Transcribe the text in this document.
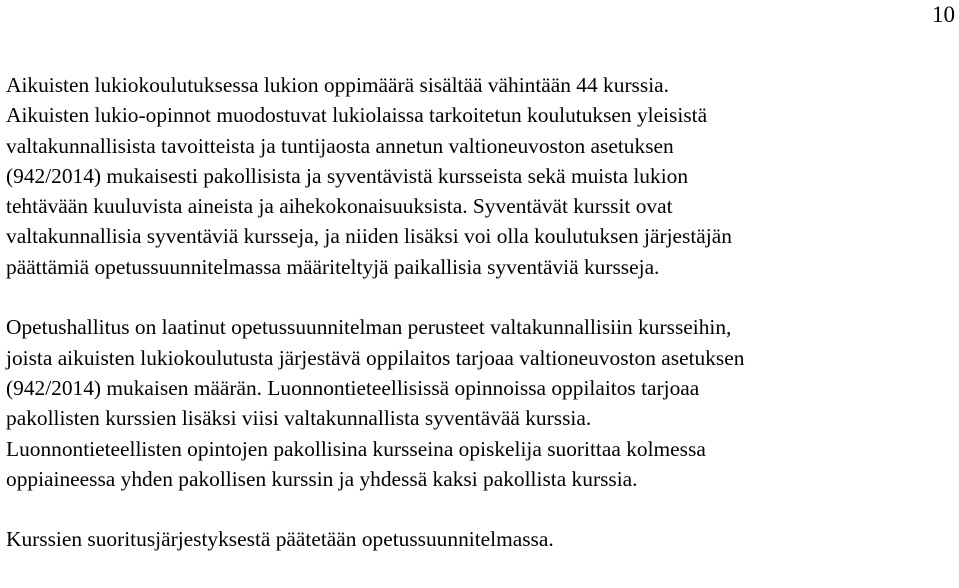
10
Aikuisten lukiokoulutuksessa lukion oppimäärä sisältää vähintään 44 kurssia.
Aikuisten lukio-opinnot muodostuvat lukiolaissa tarkoitetun koulutuksen yleisistä
valtakunnallisista tavoitteista ja tuntijaosta annetun valtioneuvoston asetuksen
(942/2014) mukaisesti pakollisista ja syventävistä kursseista sekä muista lukion
tehtävään kuuluvista aineista ja aihekokonaisuuksista. Syventävät kurssit ovat
valtakunnallisia syventäviä kursseja, ja niiden lisäksi voi olla koulutuksen järjestäjän
päättämiä opetussuunnitelmassa määriteltyjä paikallisia syventäviä kursseja.
Opetushallitus on laatinut opetussuunnitelman perusteet valtakunnallisiin kursseihin,
joista aikuisten lukiokoulutusta järjestävä oppilaitos tarjoaa valtioneuvoston asetuksen
(942/2014) mukaisen määrän. Luonnontieteellisissä opinnoissa oppilaitos tarjoaa
pakollisten kurssien lisäksi viisi valtakunnallista syventävää kurssia.
Luonnontieteellisten opintojen pakollisina kursseina opiskelija suorittaa kolmessa
oppiaineessa yhden pakollisen kurssin ja yhdessä kaksi pakollista kurssia.
Kurssien suoritusjärjestyksestä päätetään opetussuunnitelmassa.
